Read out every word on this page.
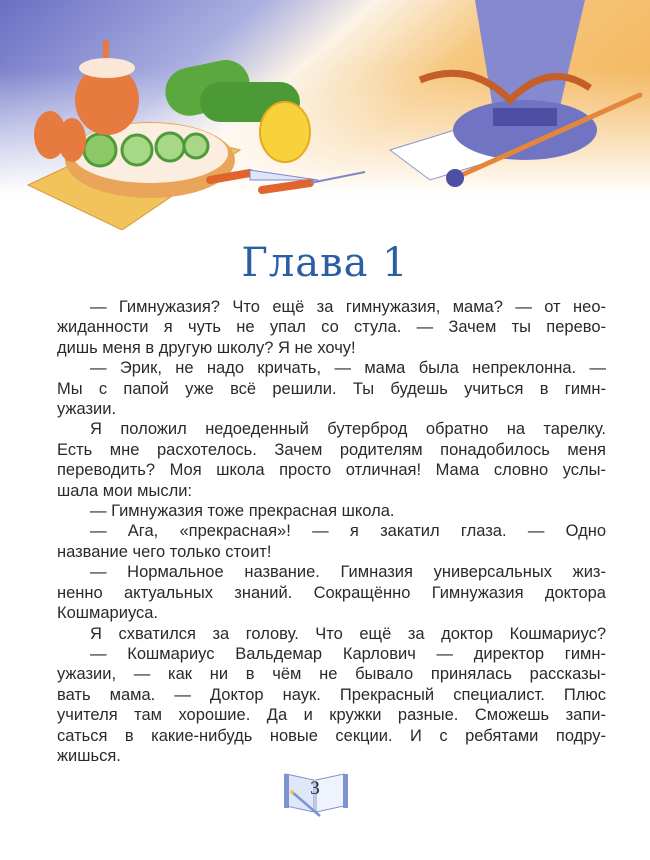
Глава 1
— Гимнужазия? Что ещё за гимнужазия, мама? — от нео-
жиданности я чуть не упал со стула. — Зачем ты перево-
дишь меня в другую школу? Я не хочу!
— Эрик, не надо кричать, — мама была непреклонна. —
Мы с папой уже всё решили. Ты будешь учиться в гимн-
ужазии.
Я положил недоеденный бутерброд обратно на тарелку.
Есть мне расхотелось. Зачем родителям понадобилось меня
переводить? Моя школа просто отличная! Мама словно услы-
шала мои мысли:
— Гимнужазия тоже прекрасная школа.
— Ага, «прекрасная»! — я закатил глаза. — Одно
название чего только стоит!
— Нормальное название. Гимназия универсальных жиз-
ненно актуальных знаний. Сокращённо Гимнужазия доктора
Кошмариуса.
Я схватился за голову. Что ещё за доктор Кошмариус?
— Кошмариус Вальдемар Карлович — директор гимн-
ужазии, — как ни в чём не бывало принялась рассказы-
вать мама. — Доктор наук. Прекрасный специалист. Плюс
учителя там хорошие. Да и кружки разные. Сможешь запи-
саться в какие-нибудь новые секции. И с ребятами подру-
жишься.
3
